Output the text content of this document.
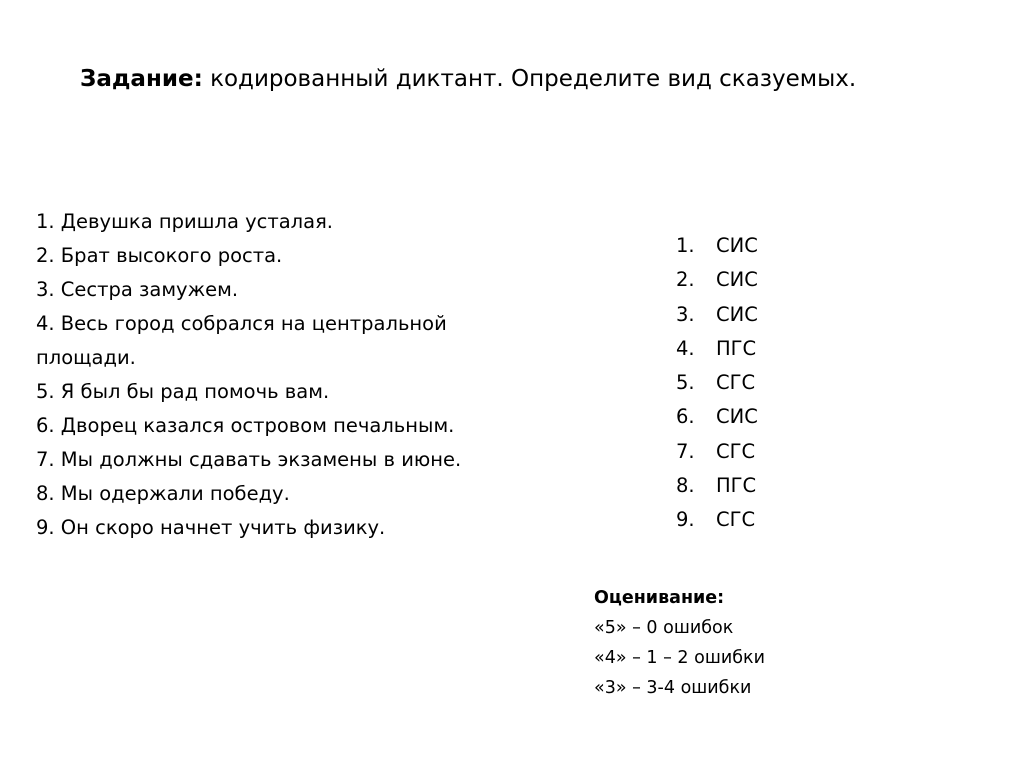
Задание: кодированный диктант. Определите вид сказуемых.
1. Девушка пришла усталая.
2. Брат высокого роста.
3. Сестра замужем.
4. Весь город собрался на центральной
площади.
5. Я был бы рад помочь вам.
6. Дворец казался островом печальным.
7. Мы должны сдавать экзамены в июне.
8. Мы одержали победу.
9. Он скоро начнет учить физику.
1. СИС
2. СИС
3. СИС
4. ПГС
5. СГС
6. СИС
7. СГС
8. ПГС
9. СГС
Оценивание:
«5» – 0 ошибок
«4» – 1 – 2 ошибки
«3» – 3-4 ошибки
